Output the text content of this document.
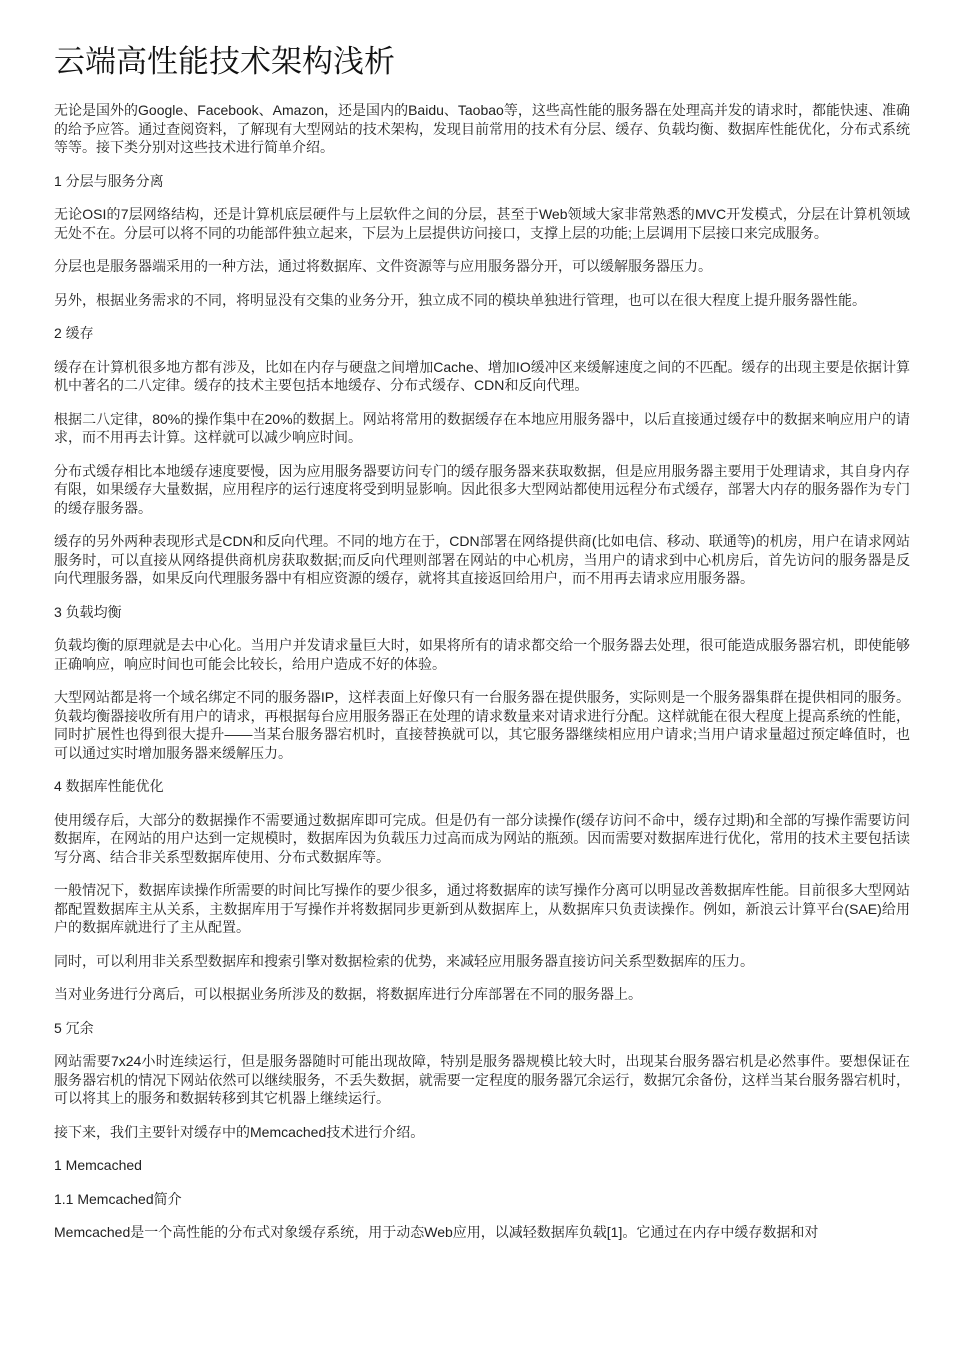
云端高性能技术架构浅析
无论是国外的Google、Facebook、Amazon，还是国内的Baidu、Taobao等，这些高性能的服务器在处理高并发的请求时，都能快速、准确的给予应答。通过查阅资料，了解现有大型网站的技术架构，发现目前常用的技术有分层、缓存、负载均衡、数据库性能优化，分布式系统等等。接下类分别对这些技术进行简单介绍。
1 分层与服务分离
无论OSI的7层网络结构，还是计算机底层硬件与上层软件之间的分层，甚至于Web领域大家非常熟悉的MVC开发模式，分层在计算机领域无处不在。分层可以将不同的功能部件独立起来，下层为上层提供访问接口，支撑上层的功能;上层调用下层接口来完成服务。
分层也是服务器端采用的一种方法，通过将数据库、文件资源等与应用服务器分开，可以缓解服务器压力。
另外，根据业务需求的不同，将明显没有交集的业务分开，独立成不同的模块单独进行管理，也可以在很大程度上提升服务器性能。
2 缓存
缓存在计算机很多地方都有涉及，比如在内存与硬盘之间增加Cache、增加IO缓冲区来缓解速度之间的不匹配。缓存的出现主要是依据计算机中著名的二八定律。缓存的技术主要包括本地缓存、分布式缓存、CDN和反向代理。
根据二八定律，80%的操作集中在20%的数据上。网站将常用的数据缓存在本地应用服务器中，以后直接通过缓存中的数据来响应用户的请求，而不用再去计算。这样就可以减少响应时间。
分布式缓存相比本地缓存速度要慢，因为应用服务器要访问专门的缓存服务器来获取数据，但是应用服务器主要用于处理请求，其自身内存有限，如果缓存大量数据，应用程序的运行速度将受到明显影响。因此很多大型网站都使用远程分布式缓存，部署大内存的服务器作为专门的缓存服务器。
缓存的另外两种表现形式是CDN和反向代理。不同的地方在于，CDN部署在网络提供商(比如电信、移动、联通等)的机房，用户在请求网站服务时，可以直接从网络提供商机房获取数据;而反向代理则部署在网站的中心机房，当用户的请求到中心机房后，首先访问的服务器是反向代理服务器，如果反向代理服务器中有相应资源的缓存，就将其直接返回给用户，而不用再去请求应用服务器。
3 负载均衡
负载均衡的原理就是去中心化。当用户并发请求量巨大时，如果将所有的请求都交给一个服务器去处理，很可能造成服务器宕机，即使能够正确响应，响应时间也可能会比较长，给用户造成不好的体验。
大型网站都是将一个域名绑定不同的服务器IP，这样表面上好像只有一台服务器在提供服务，实际则是一个服务器集群在提供相同的服务。负载均衡器接收所有用户的请求，再根据每台应用服务器正在处理的请求数量来对请求进行分配。这样就能在很大程度上提高系统的性能，同时扩展性也得到很大提升——当某台服务器宕机时，直接替换就可以，其它服务器继续相应用户请求;当用户请求量超过预定峰值时，也可以通过实时增加服务器来缓解压力。
4 数据库性能优化
使用缓存后，大部分的数据操作不需要通过数据库即可完成。但是仍有一部分读操作(缓存访问不命中，缓存过期)和全部的写操作需要访问数据库，在网站的用户达到一定规模时，数据库因为负载压力过高而成为网站的瓶颈。因而需要对数据库进行优化，常用的技术主要包括读写分离、结合非关系型数据库使用、分布式数据库等。
一般情况下，数据库读操作所需要的时间比写操作的要少很多，通过将数据库的读写操作分离可以明显改善数据库性能。目前很多大型网站都配置数据库主从关系，主数据库用于写操作并将数据同步更新到从数据库上，从数据库只负责读操作。例如，新浪云计算平台(SAE)给用户的数据库就进行了主从配置。
同时，可以利用非关系型数据库和搜索引擎对数据检索的优势，来减轻应用服务器直接访问关系型数据库的压力。
当对业务进行分离后，可以根据业务所涉及的数据，将数据库进行分库部署在不同的服务器上。
5 冗余
网站需要7x24小时连续运行，但是服务器随时可能出现故障，特别是服务器规模比较大时，出现某台服务器宕机是必然事件。要想保证在服务器宕机的情况下网站依然可以继续服务，不丢失数据，就需要一定程度的服务器冗余运行，数据冗余备份，这样当某台服务器宕机时，可以将其上的服务和数据转移到其它机器上继续运行。
接下来，我们主要针对缓存中的Memcached技术进行介绍。
1 Memcached
1.1 Memcached简介
Memcached是一个高性能的分布式对象缓存系统，用于动态Web应用，以减轻数据库负载[1]。它通过在内存中缓存数据和对
